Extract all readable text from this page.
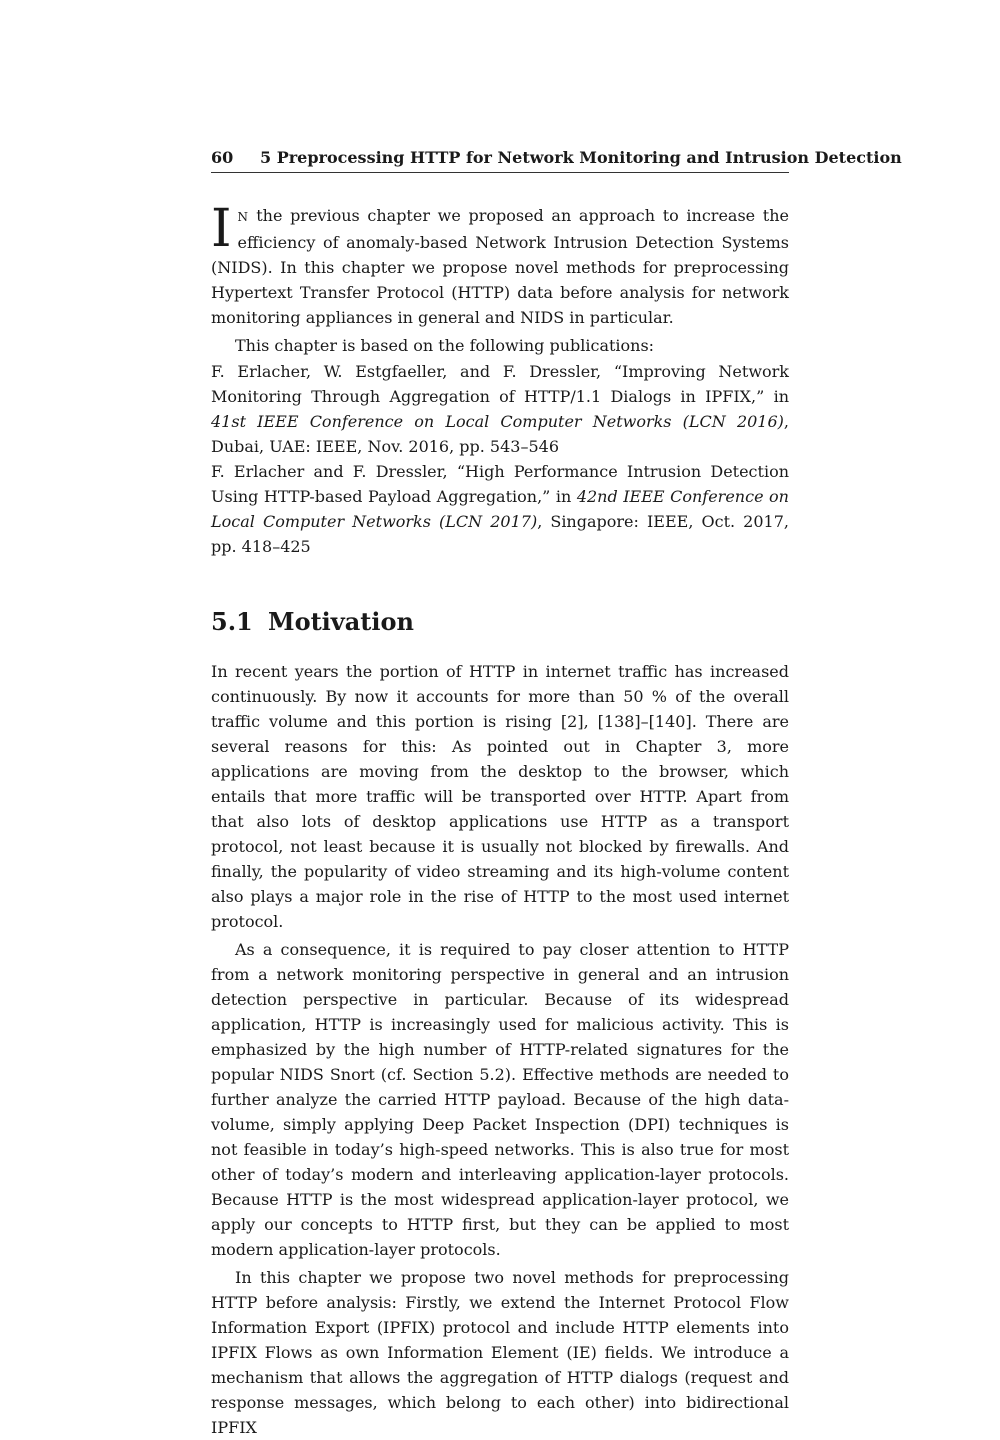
60 5 Preprocessing HTTP for Network Monitoring and Intrusion Detection

I N the previous chapter we proposed an approach to increase the efficiency of anomaly-based Network Intrusion Detection Systems (NIDS). In this chapter we propose novel methods for preprocessing Hypertext Transfer Protocol (HTTP) data before analysis for network monitoring appliances in general and NIDS in particular.

This chapter is based on the following publications:

F. Erlacher, W. Estgfaeller, and F. Dressler, “Improving Network Monitoring Through Aggregation of HTTP/1.1 Dialogs in IPFIX,” in 41st IEEE Conference on Local Computer Networks (LCN 2016), Dubai, UAE: IEEE, Nov. 2016, pp. 543–546

F. Erlacher and F. Dressler, “High Performance Intrusion Detection Using HTTP-based Payload Aggregation,” in 42nd IEEE Conference on Local Computer Networks (LCN 2017), Singapore: IEEE, Oct. 2017, pp. 418–425

5.1 Motivation

In recent years the portion of HTTP in internet traffic has increased continuously. By now it accounts for more than 50 % of the overall traffic volume and this portion is rising [2], [138]–[140]. There are several reasons for this: As pointed out in Chapter 3, more applications are moving from the desktop to the browser, which entails that more traffic will be transported over HTTP. Apart from that also lots of desktop applications use HTTP as a transport protocol, not least because it is usually not blocked by firewalls. And finally, the popularity of video streaming and its high-volume content also plays a major role in the rise of HTTP to the most used internet protocol.

As a consequence, it is required to pay closer attention to HTTP from a network monitoring perspective in general and an intrusion detection perspective in particular. Because of its widespread application, HTTP is increasingly used for malicious activity. This is emphasized by the high number of HTTP-related signatures for the popular NIDS Snort (cf. Section 5.2). Effective methods are needed to further analyze the carried HTTP payload. Because of the high data-volume, simply applying Deep Packet Inspection (DPI) techniques is not feasible in today’s high-speed networks. This is also true for most other of today’s modern and interleaving application-layer protocols. Because HTTP is the most widespread application-layer protocol, we apply our concepts to HTTP first, but they can be applied to most modern application-layer protocols.

In this chapter we propose two novel methods for preprocessing HTTP before analysis: Firstly, we extend the Internet Protocol Flow Information Export (IPFIX) protocol and include HTTP elements into IPFIX Flows as own Information Element (IE) fields. We introduce a mechanism that allows the aggregation of HTTP dialogs (request and response messages, which belong to each other) into bidirectional IPFIX
